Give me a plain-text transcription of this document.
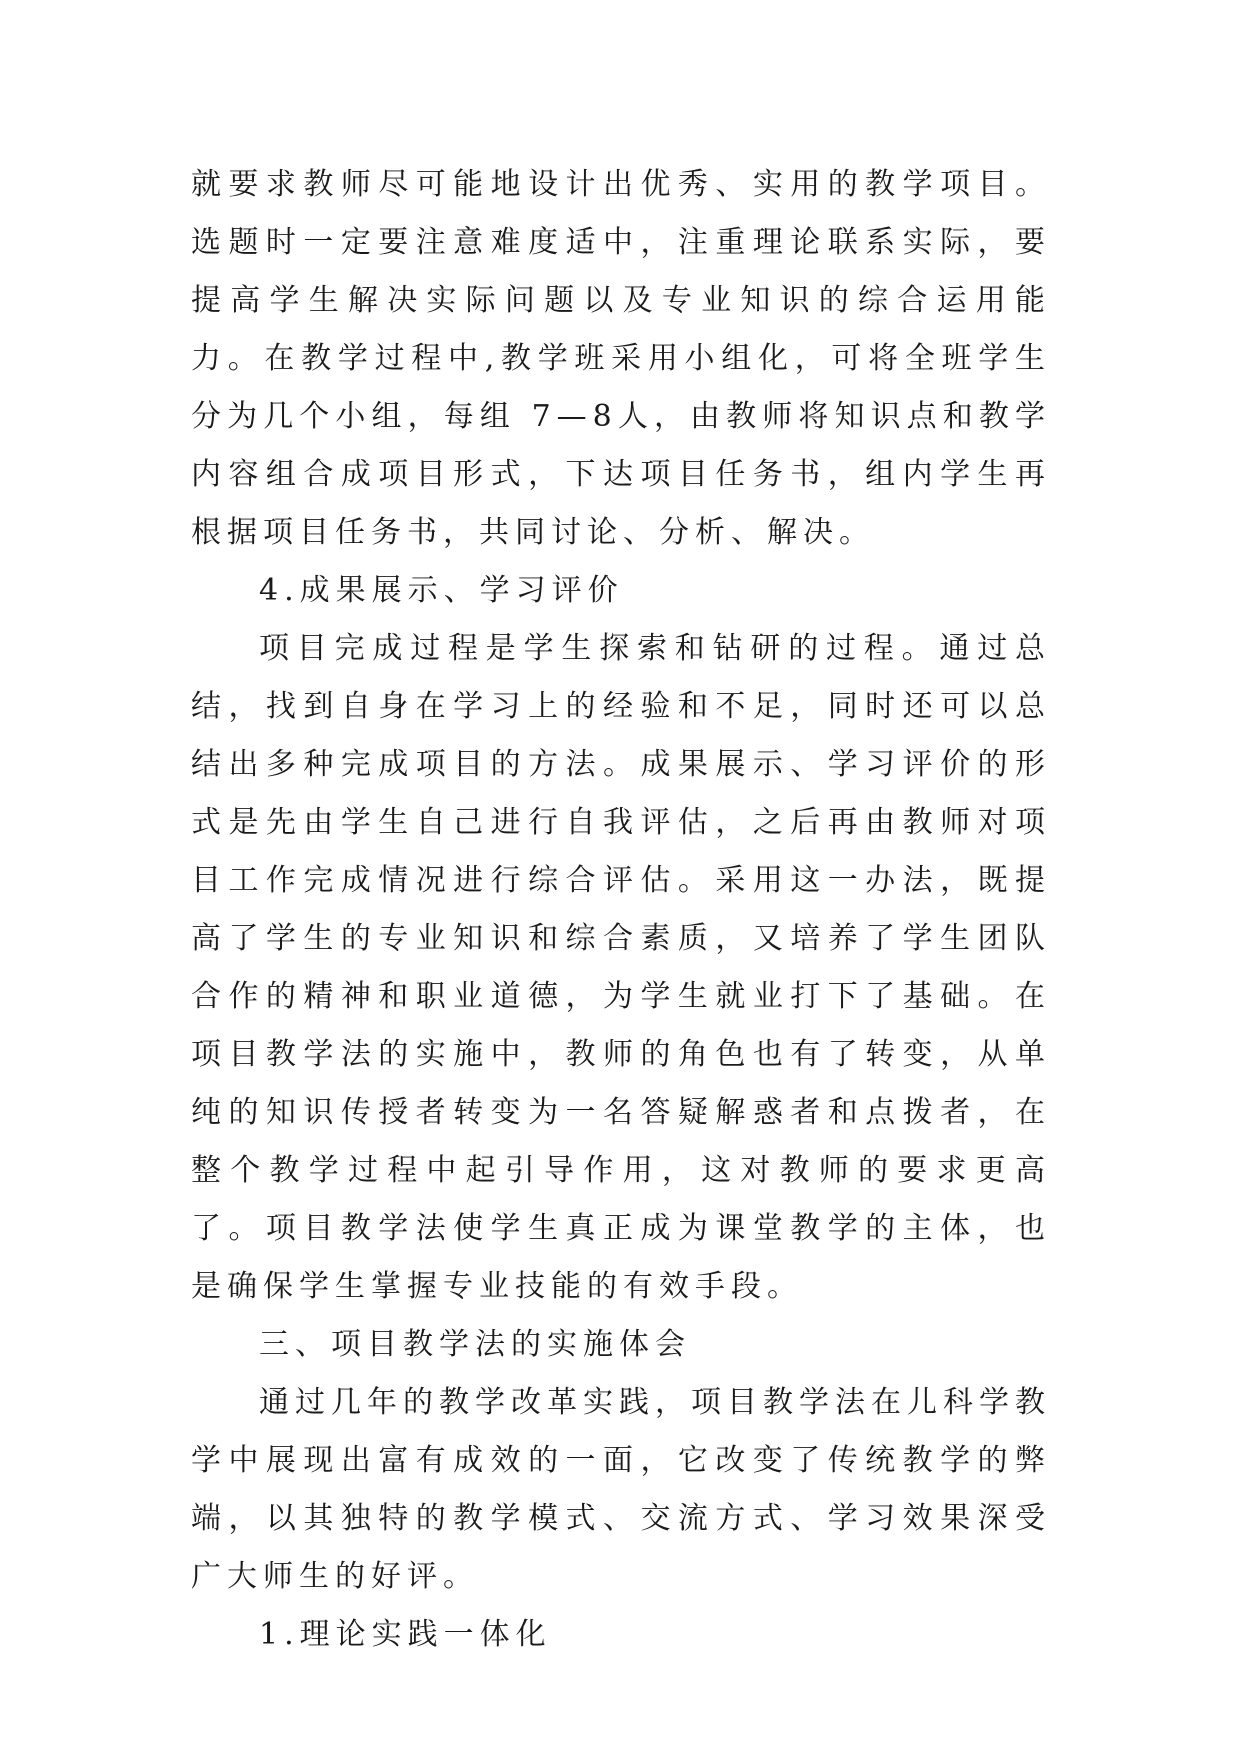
就要求教师尽可能地设计出优秀、实用的教学项目。选题时一定要注意难度适中，注重理论联系实际，要提高学生解决实际问题以及专业知识的综合运用能力。在教学过程中,教学班采用小组化，可将全班学生分为几个小组，每组 7—8人，由教师将知识点和教学内容组合成项目形式，下达项目任务书，组内学生再根据项目任务书，共同讨论、分析、解决。

4.成果展示、学习评价

项目完成过程是学生探索和钻研的过程。通过总结，找到自身在学习上的经验和不足，同时还可以总结出多种完成项目的方法。成果展示、学习评价的形式是先由学生自己进行自我评估，之后再由教师对项目工作完成情况进行综合评估。采用这一办法，既提高了学生的专业知识和综合素质，又培养了学生团队合作的精神和职业道德，为学生就业打下了基础。在项目教学法的实施中，教师的角色也有了转变，从单纯的知识传授者转变为一名答疑解惑者和点拨者，在整个教学过程中起引导作用，这对教师的要求更高了。项目教学法使学生真正成为课堂教学的主体，也是确保学生掌握专业技能的有效手段。

三、项目教学法的实施体会

通过几年的教学改革实践，项目教学法在儿科学教学中展现出富有成效的一面，它改变了传统教学的弊端，以其独特的教学模式、交流方式、学习效果深受广大师生的好评。

1.理论实践一体化
